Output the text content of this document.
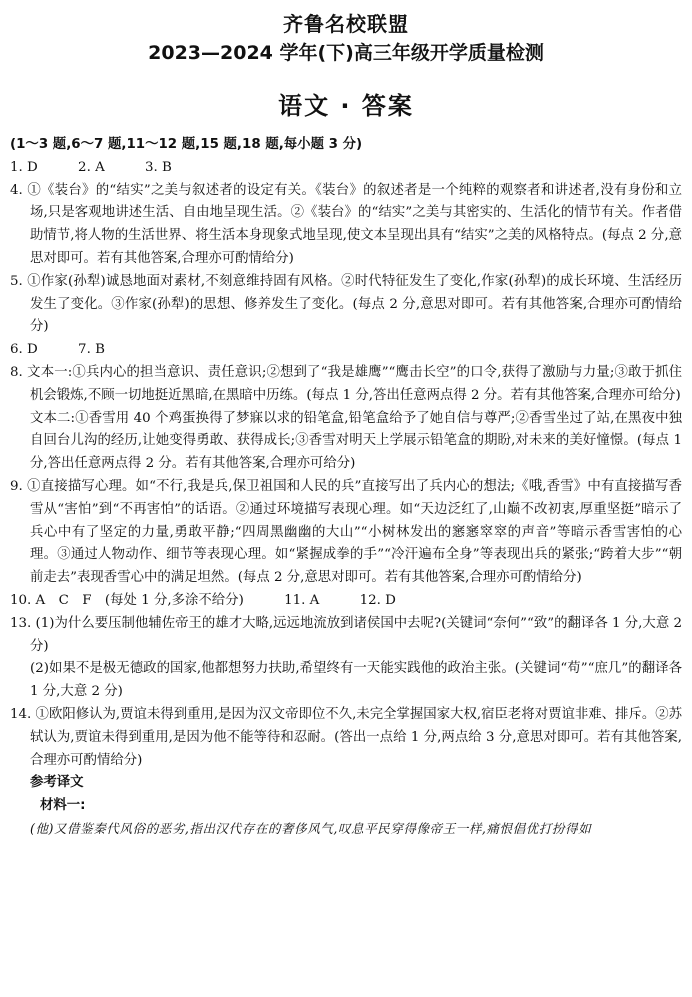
齐鲁名校联盟
2023—2024 学年(下)高三年级开学质量检测
语文 · 答案

(1～3 题,6～7 题,11～12 题,15 题,18 题,每小题 3 分)

1. D	2. A	3. B

4. ①《装台》的“结实”之美与叙述者的设定有关。《装台》的叙述者是一个纯粹的观察者和讲述者,没有身份和立场,只是客观地讲述生活、自由地呈现生活。②《装台》的“结实”之美与其密实的、生活化的情节有关。作者借助情节,将人物的生活世界、将生活本身现象式地呈现,使文本呈现出具有“结实”之美的风格特点。(每点 2 分,意思对即可。若有其他答案,合理亦可酌情给分)

5. ①作家(孙犁)诚恳地面对素材,不刻意维持固有风格。②时代特征发生了变化,作家(孙犁)的成长环境、生活经历发生了变化。③作家(孙犁)的思想、修养发生了变化。(每点 2 分,意思对即可。若有其他答案,合理亦可酌情给分)

6. D	7. B

8. 文本一:①兵内心的担当意识、责任意识;②想到了“我是雄鹰”“鹰击长空”的口令,获得了激励与力量;③敢于抓住机会锻炼,不顾一切地挺近黑暗,在黑暗中历练。(每点 1 分,答出任意两点得 2 分。若有其他答案,合理亦可给分)

文本二:①香雪用 40 个鸡蛋换得了梦寐以求的铅笔盒,铅笔盒给予了她自信与尊严;②香雪坐过了站,在黑夜中独自回台儿沟的经历,让她变得勇敢、获得成长;③香雪对明天上学展示铅笔盒的期盼,对未来的美好憧憬。(每点 1 分,答出任意两点得 2 分。若有其他答案,合理亦可给分)

9. ①直接描写心理。如“不行,我是兵,保卫祖国和人民的兵”直接写出了兵内心的想法;《哦,香雪》中有直接描写香雪从“害怕”到“不再害怕”的话语。②通过环境描写表现心理。如“天边泛红了,山巅不改初衷,厚重坚挺”暗示了兵心中有了坚定的力量,勇敢平静;“四周黑幽幽的大山”“小树林发出的窸窸窣窣的声音”等暗示香雪害怕的心理。③通过人物动作、细节等表现心理。如“紧握成拳的手”“冷汗遍布全身”等表现出兵的紧张;“跨着大步”“朝前走去”表现香雪心中的满足坦然。(每点 2 分,意思对即可。若有其他答案,合理亦可酌情给分)

10. A　C　F　(每处 1 分,多涂不给分)	11. A	12. D

13. (1)为什么要压制他辅佐帝王的雄才大略,远远地流放到诸侯国中去呢?(关键词“奈何”“致”的翻译各 1 分,大意 2 分)

(2)如果不是极无德政的国家,他都想努力扶助,希望终有一天能实践他的政治主张。(关键词“苟”“庶几”的翻译各 1 分,大意 2 分)

14. ①欧阳修认为,贾谊未得到重用,是因为汉文帝即位不久,未完全掌握国家大权,宿臣老将对贾谊非难、排斥。②苏轼认为,贾谊未得到重用,是因为他不能等待和忍耐。(答出一点给 1 分,两点给 3 分,意思对即可。若有其他答案,合理亦可酌情给分)

参考译文

材料一:

(他)又借鉴秦代风俗的恶劣,指出汉代存在的奢侈风气,叹息平民穿得像帝王一样,痛恨倡优打扮得如
